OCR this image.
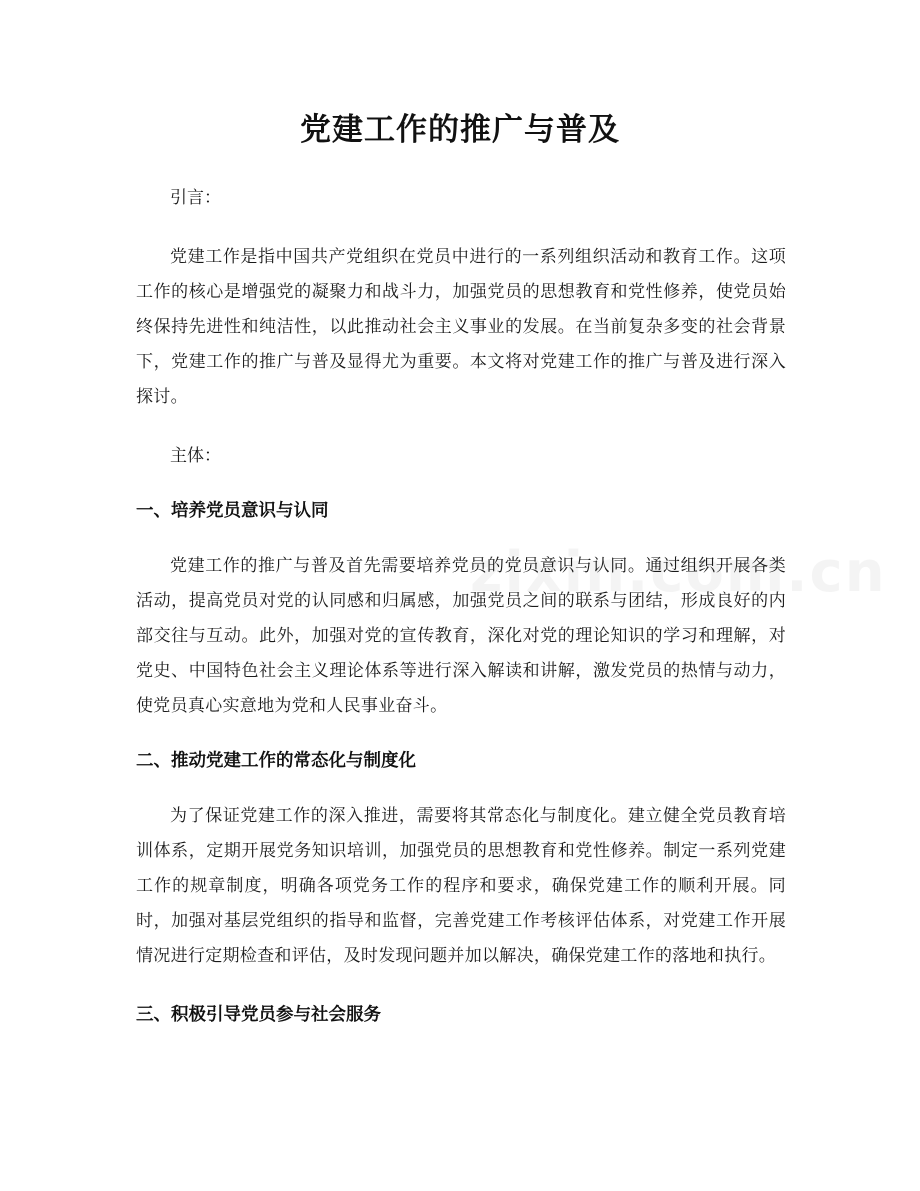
党建工作的推广与普及

引言：

党建工作是指中国共产党组织在党员中进行的一系列组织活动和教育工作。这项工作的核心是增强党的凝聚力和战斗力，加强党员的思想教育和党性修养，使党员始终保持先进性和纯洁性，以此推动社会主义事业的发展。在当前复杂多变的社会背景下，党建工作的推广与普及显得尤为重要。本文将对党建工作的推广与普及进行深入探讨。

主体：

一、培养党员意识与认同

党建工作的推广与普及首先需要培养党员的党员意识与认同。通过组织开展各类活动，提高党员对党的认同感和归属感，加强党员之间的联系与团结，形成良好的内部交往与互动。此外，加强对党的宣传教育，深化对党的理论知识的学习和理解，对党史、中国特色社会主义理论体系等进行深入解读和讲解，激发党员的热情与动力，使党员真心实意地为党和人民事业奋斗。

二、推动党建工作的常态化与制度化

为了保证党建工作的深入推进，需要将其常态化与制度化。建立健全党员教育培训体系，定期开展党务知识培训，加强党员的思想教育和党性修养。制定一系列党建工作的规章制度，明确各项党务工作的程序和要求，确保党建工作的顺利开展。同时，加强对基层党组织的指导和监督，完善党建工作考核评估体系，对党建工作开展情况进行定期检查和评估，及时发现问题并加以解决，确保党建工作的落地和执行。

三、积极引导党员参与社会服务
